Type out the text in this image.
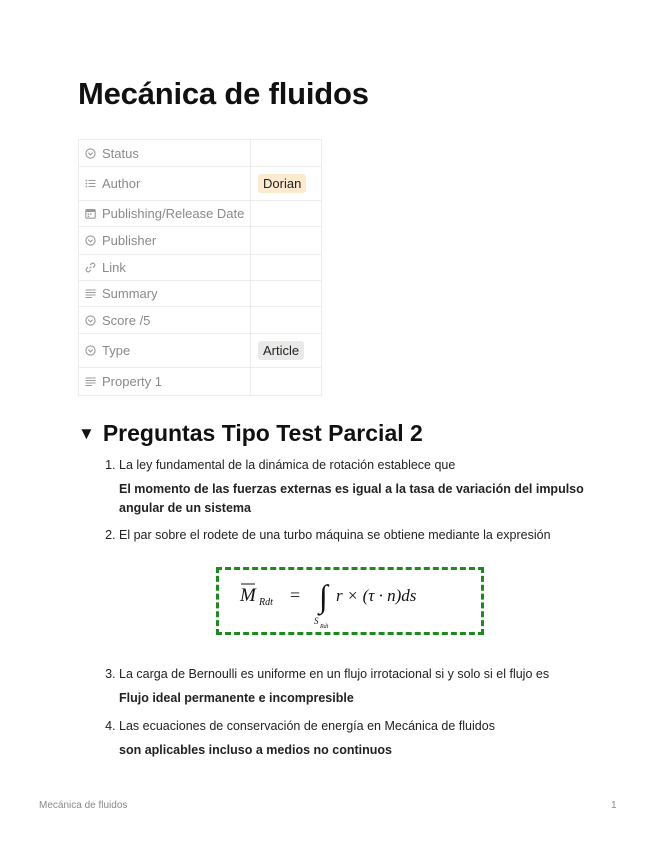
Mecánica de fluidos
Status	

Author	Dorian

Publishing/Release Date	

Publisher	

Link	

Summary	

Score /5	

Type	Article

Property 1	

▼ Preguntas Tipo Test Parcial 2
1. La ley fundamental de la dinámica de rotación establece que
El momento de las fuerzas externas es igual a la tasa de variación del impulso angular de un sistema
2. El par sobre el rodete de una turbo máquina se obtiene mediante la expresión
M Rdt = ∫
S
Rdt
r × (τ · n)ds
3. La carga de Bernoulli es uniforme en un flujo irrotacional si y solo si el flujo es
Flujo ideal permanente e incompresible
4. Las ecuaciones de conservación de energía en Mecánica de fluidos
son aplicables incluso a medios no continuos
Mecánica de fluidos	1
